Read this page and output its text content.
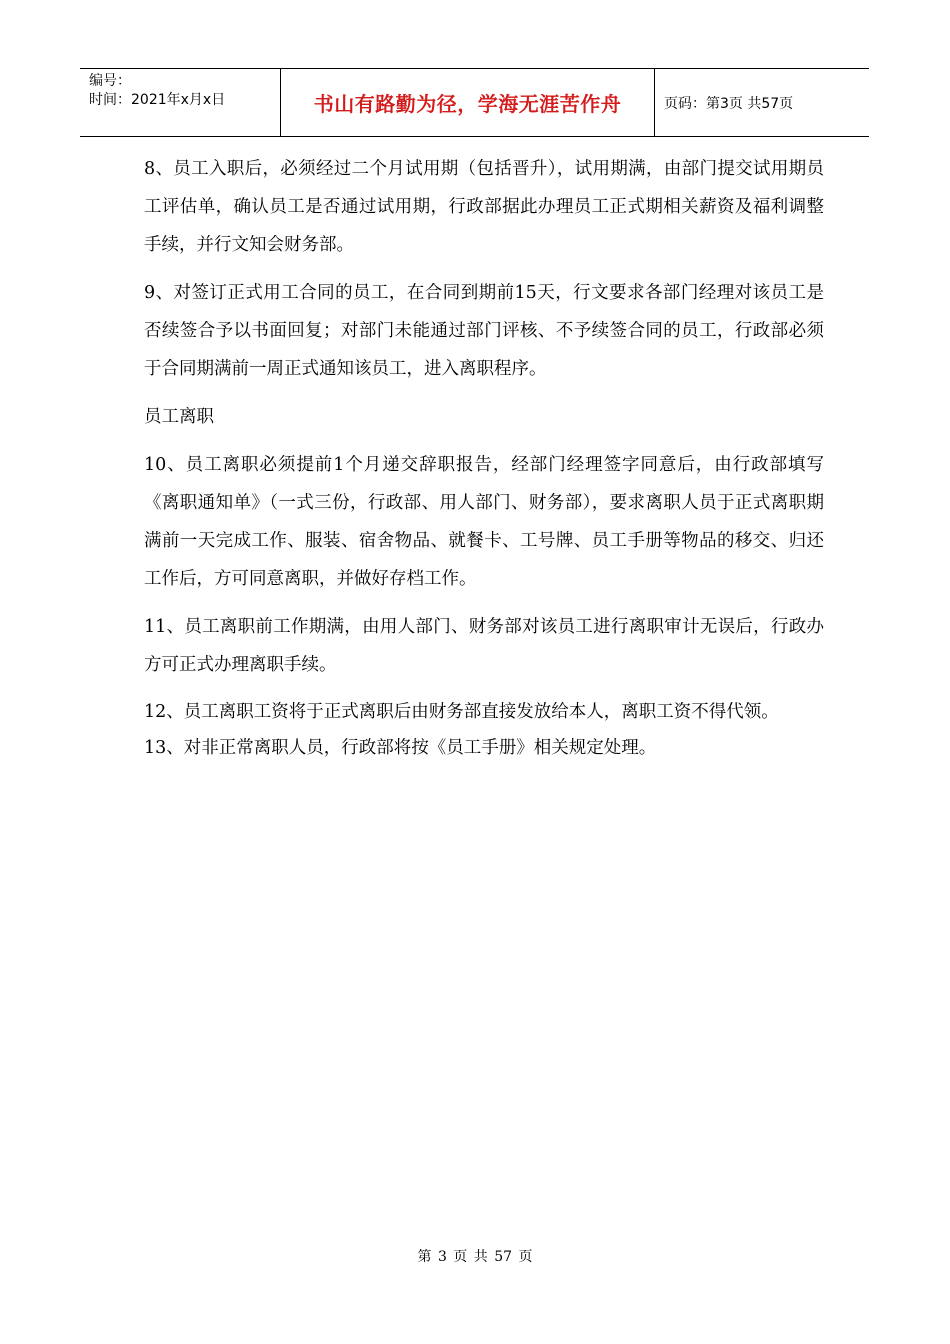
编号：
时间：2021年x月x日	书山有路勤为径，学海无涯苦作舟	页码：第3页 共57页

8、员工入职后，必须经过二个月试用期（包括晋升），试用期满，由部门提交试用期员工评估单，确认员工是否通过试用期，行政部据此办理员工正式期相关薪资及福利调整手续，并行文知会财务部。

9、对签订正式用工合同的员工，在合同到期前15天，行文要求各部门经理对该员工是否续签合予以书面回复；对部门未能通过部门评核、不予续签合同的员工，行政部必须于合同期满前一周正式通知该员工，进入离职程序。

员工离职

10、员工离职必须提前1个月递交辞职报告，经部门经理签字同意后，由行政部填写《离职通知单》（一式三份，行政部、用人部门、财务部），要求离职人员于正式离职期满前一天完成工作、服装、宿舍物品、就餐卡、工号牌、员工手册等物品的移交、归还工作后，方可同意离职，并做好存档工作。

11、员工离职前工作期满，由用人部门、财务部对该员工进行离职审计无误后，行政办方可正式办理离职手续。

12、员工离职工资将于正式离职后由财务部直接发放给本人，离职工资不得代领。

13、对非正常离职人员，行政部将按《员工手册》相关规定处理。

第 3 页 共 57 页
